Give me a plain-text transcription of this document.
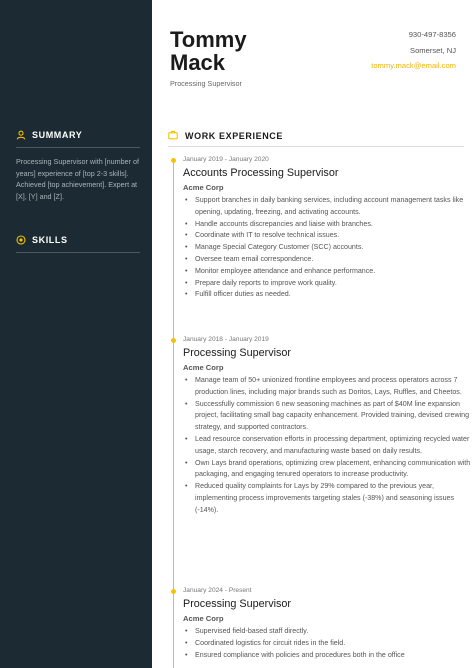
SUMMARY

Processing Supervisor with [number of years] experience of [top 2-3 skills]. Achieved [top achievement]. Expert at [X], [Y] and [Z].

SKILLS
Tommy
Mack
Processing Supervisor
930-497-8356
Somerset, NJ
tommy.mack@email.com
WORK EXPERIENCE
January 2019 - January 2020
Accounts Processing Supervisor
Acme Corp
• Support branches in daily banking services, including account management tasks like opening, updating, freezing, and activating accounts.
• Handle accounts discrepancies and liaise with branches.
• Coordinate with IT to resolve technical issues.
• Manage Special Category Customer (SCC) accounts.
• Oversee team email correspondence.
• Monitor employee attendance and enhance performance.
• Prepare daily reports to improve work quality.
• Fulfill officer duties as needed.
January 2018 - January 2019
Processing Supervisor
Acme Corp
• Manage team of 50+ unionized frontline employees and process operators across 7 production lines, including major brands such as Doritos, Lays, Ruffles, and Cheetos.
• Successfully commission 6 new seasoning machines as part of $40M line expansion project, facilitating small bag capacity enhancement. Provided training, devised crewing strategy, and supported contractors.
• Lead resource conservation efforts in processing department, optimizing recycled water usage, starch recovery, and manufacturing waste based on daily results.
• Own Lays brand operations, optimizing crew placement, enhancing communication with packaging, and engaging tenured operators to increase productivity.
• Reduced quality complaints for Lays by 29% compared to the previous year, implementing process improvements targeting stales (-38%) and seasoning issues (-14%).
January 2024 - Present
Processing Supervisor
Acme Corp
• Supervised field-based staff directly.
• Coordinated logistics for circuit rides in the field.
• Ensured compliance with policies and procedures both in the office
